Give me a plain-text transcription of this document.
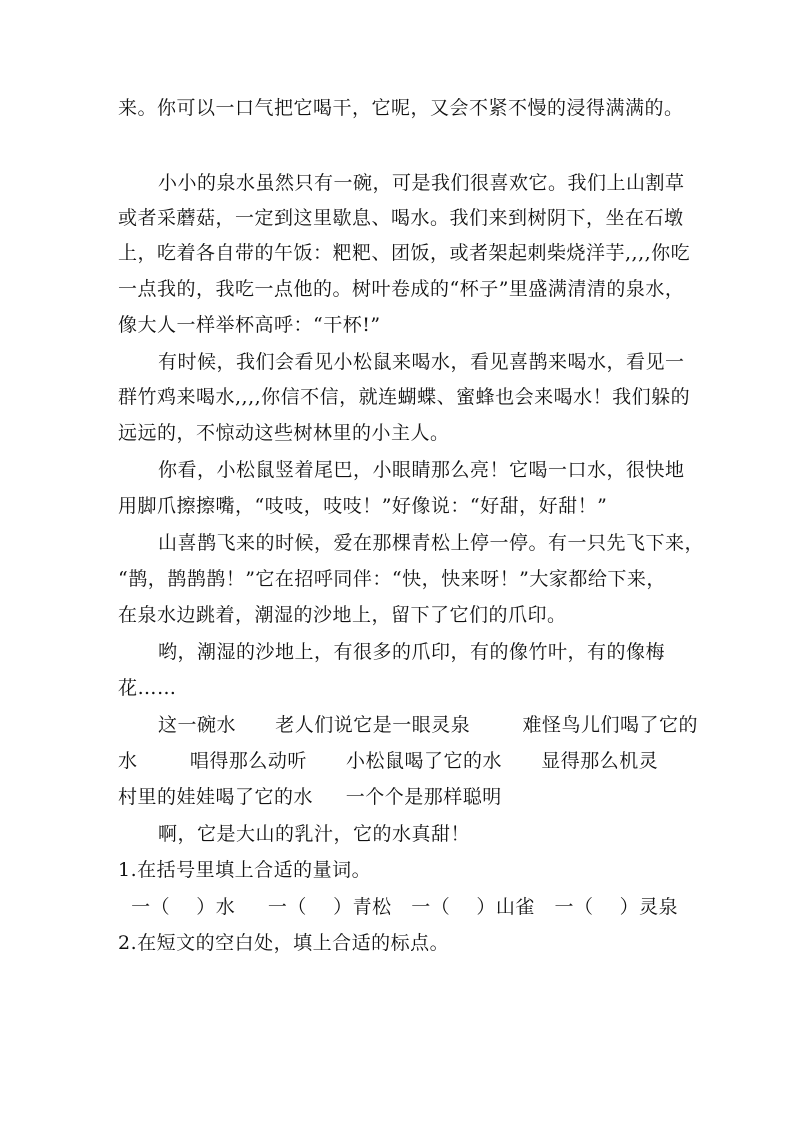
来。你可以一口气把它喝干，它呢，又会不紧不慢的浸得满满的。
小小的泉水虽然只有一碗，可是我们很喜欢它。我们上山割草
或者采蘑菇，一定到这里歇息、喝水。我们来到树阴下，坐在石墩
上，吃着各自带的午饭：粑粑、团饭，或者架起刺柴烧洋芋,,,,你吃
一点我的，我吃一点他的。树叶卷成的“杯子”里盛满清清的泉水，
像大人一样举杯高呼：“干杯!”
有时候，我们会看见小松鼠来喝水，看见喜鹊来喝水，看见一
群竹鸡来喝水,,,,你信不信，就连蝴蝶、蜜蜂也会来喝水！我们躲的
远远的，不惊动这些树林里的小主人。
你看，小松鼠竖着尾巴，小眼睛那么亮！它喝一口水，很快地
用脚爪擦擦嘴，“吱吱，吱吱！”好像说：“好甜，好甜！”
山喜鹊飞来的时候，爱在那棵青松上停一停。有一只先飞下来，
“鹊，鹊鹊鹊！”它在招呼同伴：“快，快来呀！”大家都给下来，
在泉水边跳着，潮湿的沙地上，留下了它们的爪印。
哟，潮湿的沙地上，有很多的爪印，有的像竹叶，有的像梅
花……
这一碗水      老人们说它是一眼灵泉        难怪鸟儿们喝了它的
水        唱得那么动听      小松鼠喝了它的水      显得那么机灵
村里的娃娃喝了它的水     一个个是那样聪明
啊，它是大山的乳汁，它的水真甜！
1.在括号里填上合适的量词。
一（    ）水     一（    ）青松   一（    ）山雀   一（    ）灵泉
2.在短文的空白处，填上合适的标点。
